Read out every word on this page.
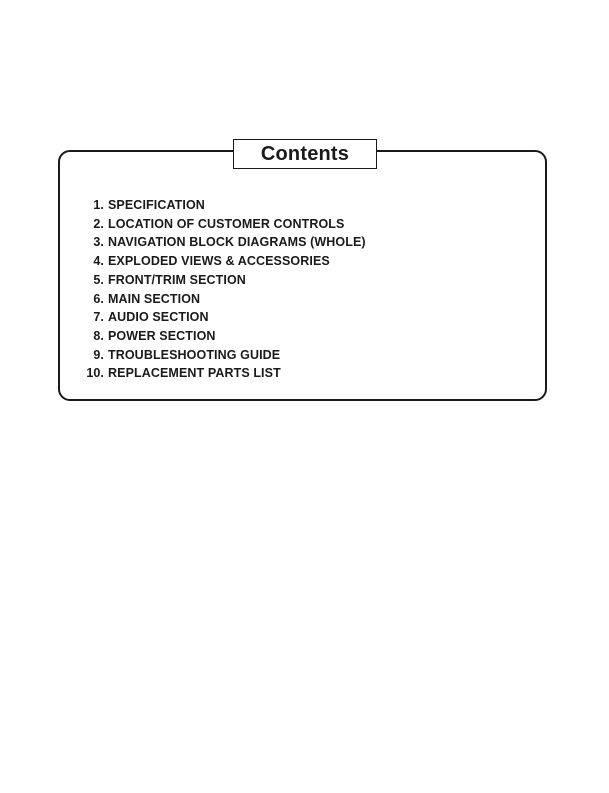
Contents
1. SPECIFICATION
2. LOCATION OF CUSTOMER CONTROLS
3. NAVIGATION BLOCK DIAGRAMS (WHOLE)
4. EXPLODED VIEWS & ACCESSORIES
5. FRONT/TRIM SECTION
6. MAIN SECTION
7. AUDIO SECTION
8. POWER SECTION
9. TROUBLESHOOTING GUIDE
10. REPLACEMENT PARTS LIST
